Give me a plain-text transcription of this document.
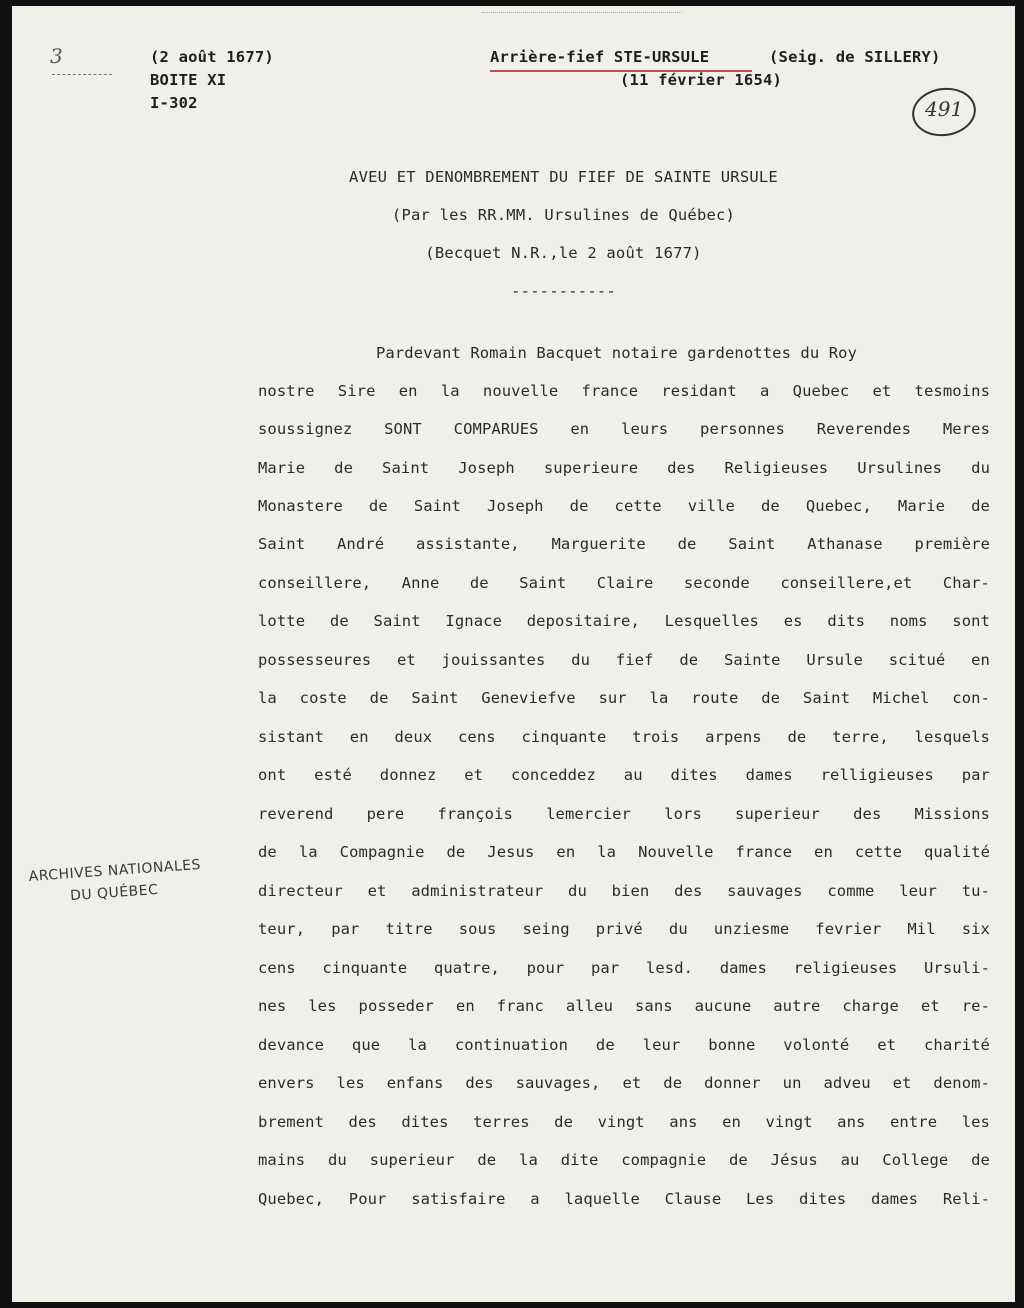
3
491
ARCHIVES NATIONALES
DU QUÉBEC
(2 août 1677)
BOITE XI
I-302
Arrière-fief STE-URSULE	(Seig. de SILLERY)
(11 février 1654)
AVEU ET DENOMBREMENT DU FIEF DE SAINTE URSULE
(Par les RR.MM. Ursulines de Québec)
(Becquet N.R.,le 2 août 1677)
-----------
Pardevant Romain Bacquet notaire gardenottes du Roy
nostre Sire en la nouvelle france residant a Quebec et tesmoins
soussignez SONT COMPARUES en leurs personnes Reverendes Meres
Marie de Saint Joseph superieure des Religieuses Ursulines du
Monastere de Saint Joseph de cette ville de Quebec, Marie de
Saint André assistante, Marguerite de Saint Athanase première
conseillere, Anne de Saint Claire seconde conseillere,et Char-
lotte de Saint Ignace depositaire, Lesquelles es dits noms sont
possesseures et jouissantes du fief de Sainte Ursule scitué en
la coste de Saint Geneviefve sur la route de Saint Michel con-
sistant en deux cens cinquante trois arpens de terre, lesquels
ont esté donnez et conceddez au dites dames relligieuses par
reverend pere françois lemercier lors superieur des Missions
de la Compagnie de Jesus en la Nouvelle france en cette qualité
directeur et administrateur du bien des sauvages comme leur tu-
teur, par titre sous seing privé du unziesme fevrier Mil six
cens cinquante quatre, pour par lesd. dames religieuses Ursuli-
nes les posseder en franc alleu sans aucune autre charge et re-
devance que la continuation de leur bonne volonté et charité
envers les enfans des sauvages, et de donner un adveu et denom-
brement des dites terres de vingt ans en vingt ans entre les
mains du superieur de la dite compagnie de Jésus au College de
Quebec, Pour satisfaire a laquelle Clause Les dites dames Reli-
